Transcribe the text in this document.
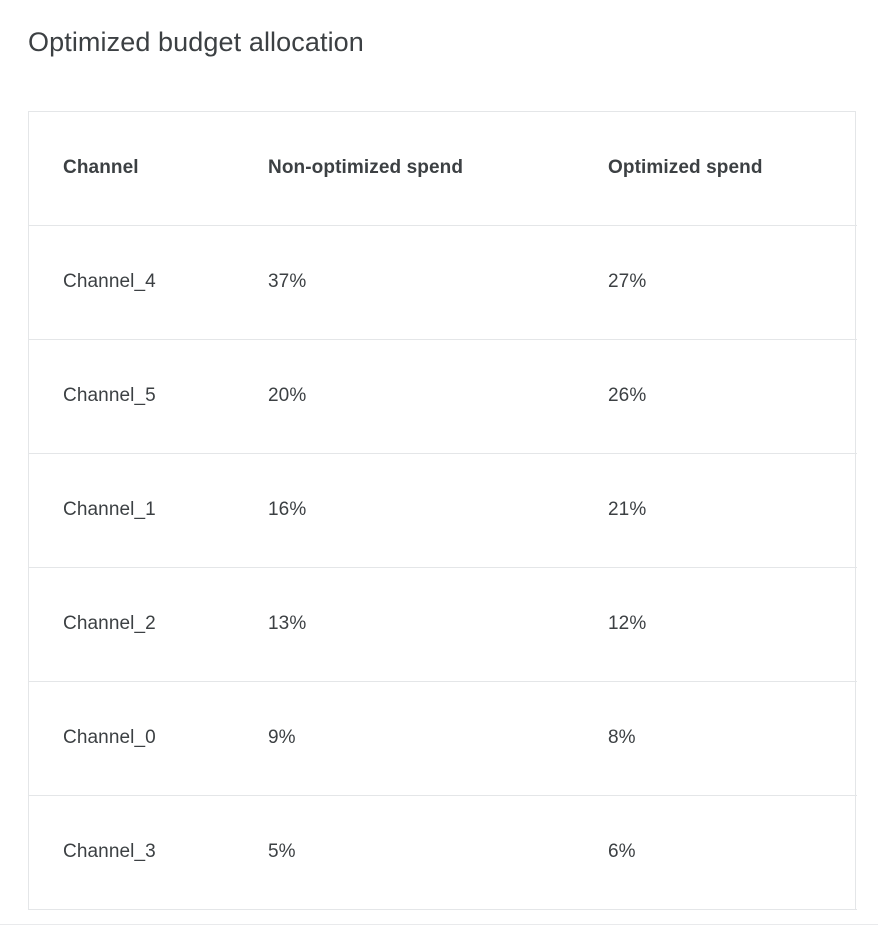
Optimized budget allocation
Channel	Non-optimized spend	Optimized spend
Channel_4	37%	27%
Channel_5	20%	26%
Channel_1	16%	21%
Channel_2	13%	12%
Channel_0	9%	8%
Channel_3	5%	6%
